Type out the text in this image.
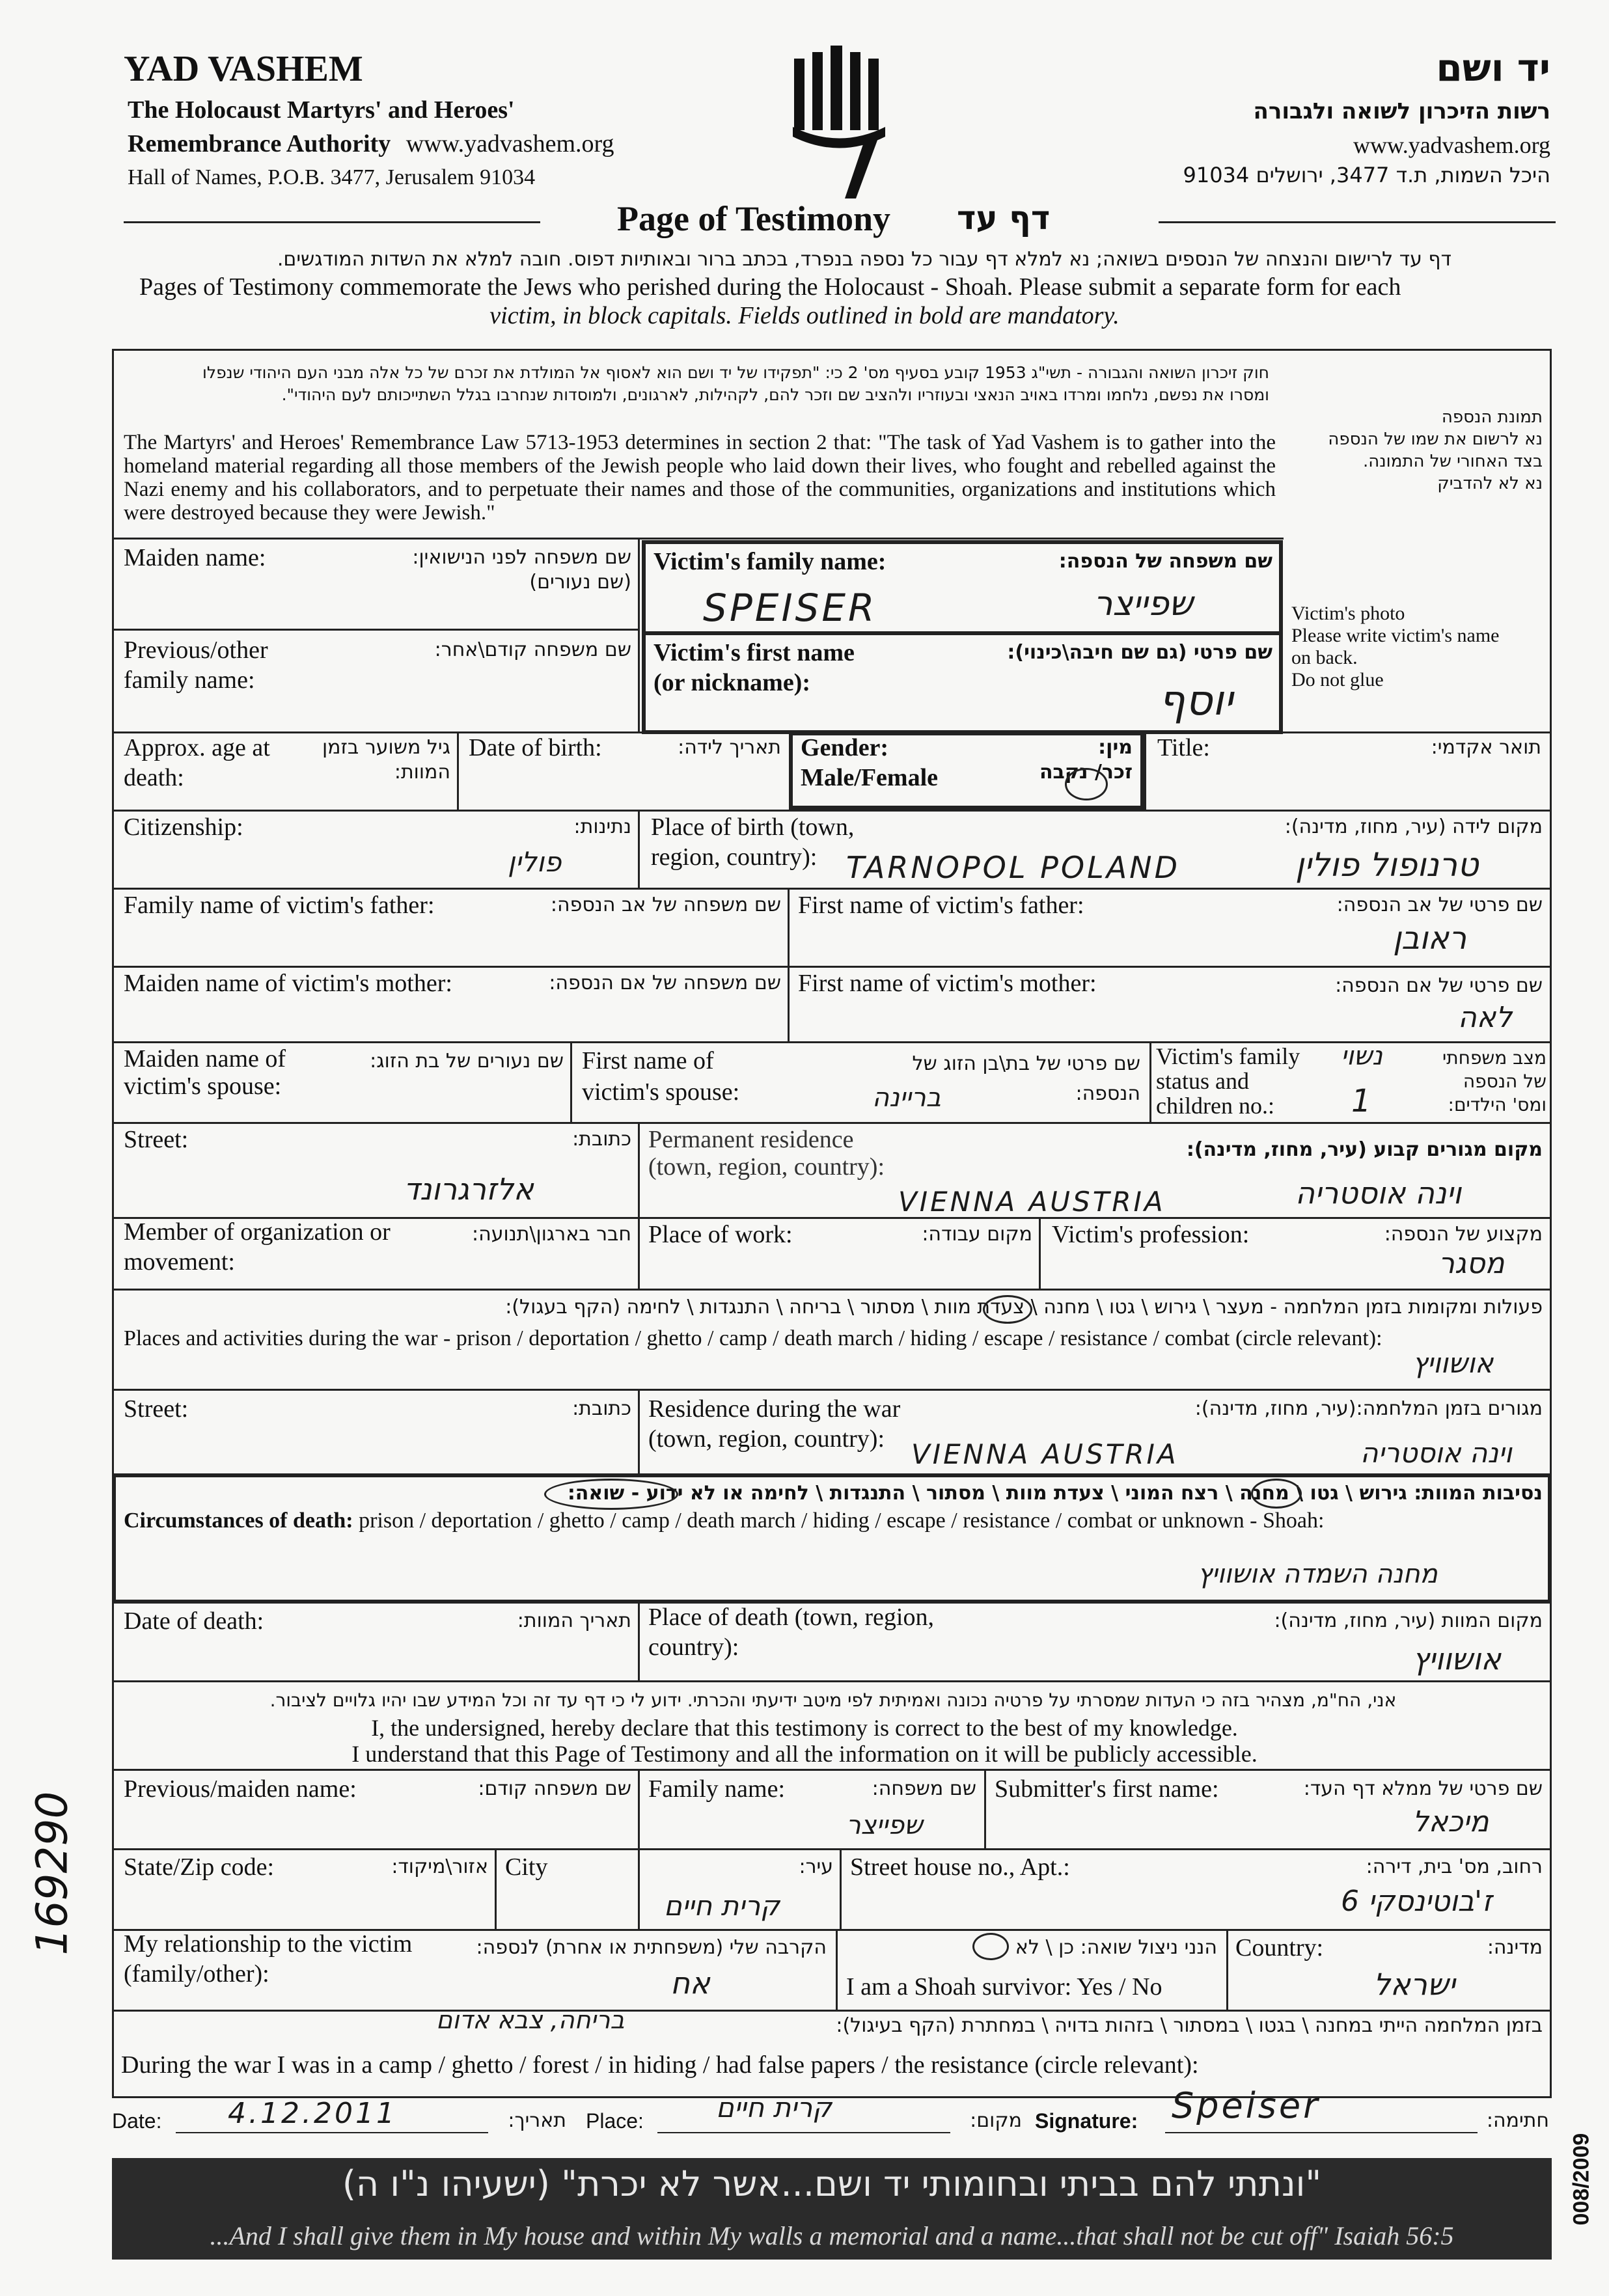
YAD VASHEM
The Holocaust Martyrs' and Heroes'
Remembrance Authority www.yadvashem.org
Hall of Names, P.O.B. 3477, Jerusalem 91034
יד ושם
רשות הזיכרון לשואה ולגבורה
www.yadvashem.org
היכל השמות, ת.ד 3477, ירושלים 91034
Page of Testimony דף עד
דף עד לרישום והנצחה של הנספים בשואה; נא למלא דף עבור כל נספה בנפרד, בכתב ברור ובאותיות דפוס. חובה למלא את השדות המודגשים.
Pages of Testimony commemorate the Jews who perished during the Holocaust - Shoah. Please submit a separate form for each
victim, in block capitals. Fields outlined in bold are mandatory.
חוק זיכרון השואה והגבורה - תשי"ג 1953 קובע בסעיף מס' 2 כי: "תפקידו של יד ושם הוא לאסוף אל המולדת את זכרם של כל אלה מבני העם היהודי שנפלו
ומסרו את נפשם, נלחמו ומרדו באויב הנאצי ובעוזריו ולהציב שם וזכר להם, לקהילות, לארגונים, ולמוסדות שנחרבו בגלל השתייכותם לעם היהודי".
The Martyrs' and Heroes' Remembrance Law 5713-1953 determines in section 2 that: "The task of Yad Vashem is to gather into the homeland material regarding all those members of the Jewish people who laid down their lives, who fought and rebelled against the Nazi enemy and his collaborators, and to perpetuate their names and those of the communities, organizations and institutions which were destroyed because they were Jewish."
תמונת הנספה
נא לרשום את שמו של הנספה
בצד האחורי של התמונה.
נא לא להדביק
Maiden name:	שם משפחה לפני הנישואין:
(שם נעורים)
Previous/other
family name:
שם משפחה קודם\אחר:
Victim's family name:	שם משפחה של הנספה:
SPEISER	שפייצר
Victim's first name
(or nickname):
שם פרטי (גם שם חיבה\כינוי):
יוסף
Victim's photo
Please write victim's name
on back.
Do not glue
Approx. age at
death:
גיל משוער בזמן
המוות:
Date of birth:	תאריך לידה: Gender:
Male/Female
מין:
זכר/ נקבה
Title:	תואר אקדמי:
Citizenship:	נתינות:
פולין
Place of birth (town,
region, country):
מקום לידה (עיר, מחוז, מדינה):
TARNOPOL POLAND	טרנופול פולין
Family name of victim's father:	שם משפחה של אב הנספה: First name of victim's father:	שם פרטי של אב הנספה:
ראובן
Maiden name of victim's mother:	שם משפחה של אם הנספה: First name of victim's mother:	שם פרטי של אם הנספה:
לאה
Maiden name of
victim's spouse:
שם נעורים של בת הזוג: First name of
victim's spouse:
שם פרטי של בת\בן הזוג של
הנספה:
בריינה
Victim's family
status and
children no.:
מצב משפחתי
של הנספה
ומס' הילדים:
נשוי
1
Street:	כתובת:
אלזרגרונד
Permanent residence
(town, region, country):
מקום מגורים קבוע (עיר, מחוז, מדינה):
VIENNA AUSTRIA	וינה אוסטריה
Member of organization or
movement:
חבר בארגון\תנועה: Place of work:	מקום עבודה: Victim's profession:	מקצוע של הנספה:
מסגר
פעולות ומקומות בזמן המלחמה - מעצר \ גירוש \ גטו \ מחנה \ צעדת מוות \ מסתור \ בריחה \ התנגדות \ לחימה (הקף בעגול):
Places and activities during the war - prison / deportation / ghetto / camp / death march / hiding / escape / resistance / combat (circle relevant):
אושוויץ
Street:	כתובת: Residence during the war
(town, region, country):
מגורים בזמן המלחמה:(עיר, מחוז, מדינה):
VIENNA AUSTRIA	וינה אוסטריה
נסיבות המוות: גירוש \ גטו \ מחנה \ רצח המוני \ צעדת מוות \ מסתור \ התנגדות \ לחימה או לא ידוע - שואה:
Circumstances of death: prison / deportation / ghetto / camp / death march / hiding / escape / resistance / combat or unknown - Shoah:
מחנה השמדה אושוויץ
Date of death:	תאריך המוות: Place of death (town, region,
country):
מקום המוות (עיר, מחוז, מדינה):
אושוויץ
אני, הח"מ, מצהיר בזה כי העדות שמסרתי על פרטיה נכונה ואמיתית לפי מיטב ידיעתי והכרתי. ידוע לי כי דף עד זה וכל המידע שבו יהיו גלויים לציבור.
I, the undersigned, hereby declare that this testimony is correct to the best of my knowledge.
I understand that this Page of Testimony and all the information on it will be publicly accessible.
Previous/maiden name:	שם משפחה קודם: Family name:	שם משפחה:
שפייצר
Submitter's first name:	שם פרטי של ממלא דף העד:
מיכאל
State/Zip code:	אזור\מיקוד: City	עיר:
קרית חיים
Street house no., Apt.:	רחוב, מס' בית, דירה:
ז'בוטינסקי 6
My relationship to the victim
(family/other):
הקרבה שלי (משפחתית או אחרת) לנספה:
אח
הנני ניצול שואה: כן \ לא
I am a Shoah survivor: Yes / No
Country:	מדינה:
ישראל
בזמן המלחמה הייתי במחנה \ בגטו \ במסתור \ בזהות בדויה \ במחתרת (הקף בעיגול):
בריחה, צבא אדום
During the war I was in a camp / ghetto / forest / in hiding / had false papers / the resistance (circle relevant):
Date: 4.12.2011	תאריך: Place:	קרית חיים	מקום: Signature: Speiser	חתימה:
"ונתתי להם בביתי ובחומותי יד ושם...אשר לא יכרת" (ישעיהו נ"ו ה)
...And I shall give them in My house and within My walls a memorial and a name...that shall not be cut off" Isaiah 56:5
169290
008/2009
